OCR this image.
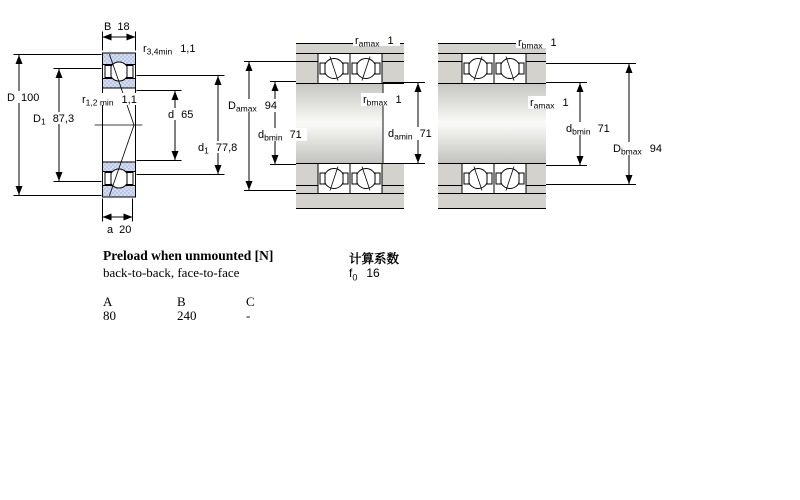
B 18
$r_{3,4min}$ 1,1
D 100
$D_1$ 87,3
$r_{1,2 min}$ 1,1
d 65
$d_1$ 77,8
a 20
$r_{amax}$ 1
$D_{amax}$ 94	$r_{bmax}$ 1
$d_{bmin}$ 71	$d_{amin}$ 71
$r_{bmax}$ 1
$r_{amax}$ 1
$d_{bmin}$ 71
$D_{bmax}$ 94
Preload when unmounted [N]
back-to-back, face-to-face
计算系数
$f_0$ 16
A	B	C
80	240	-
